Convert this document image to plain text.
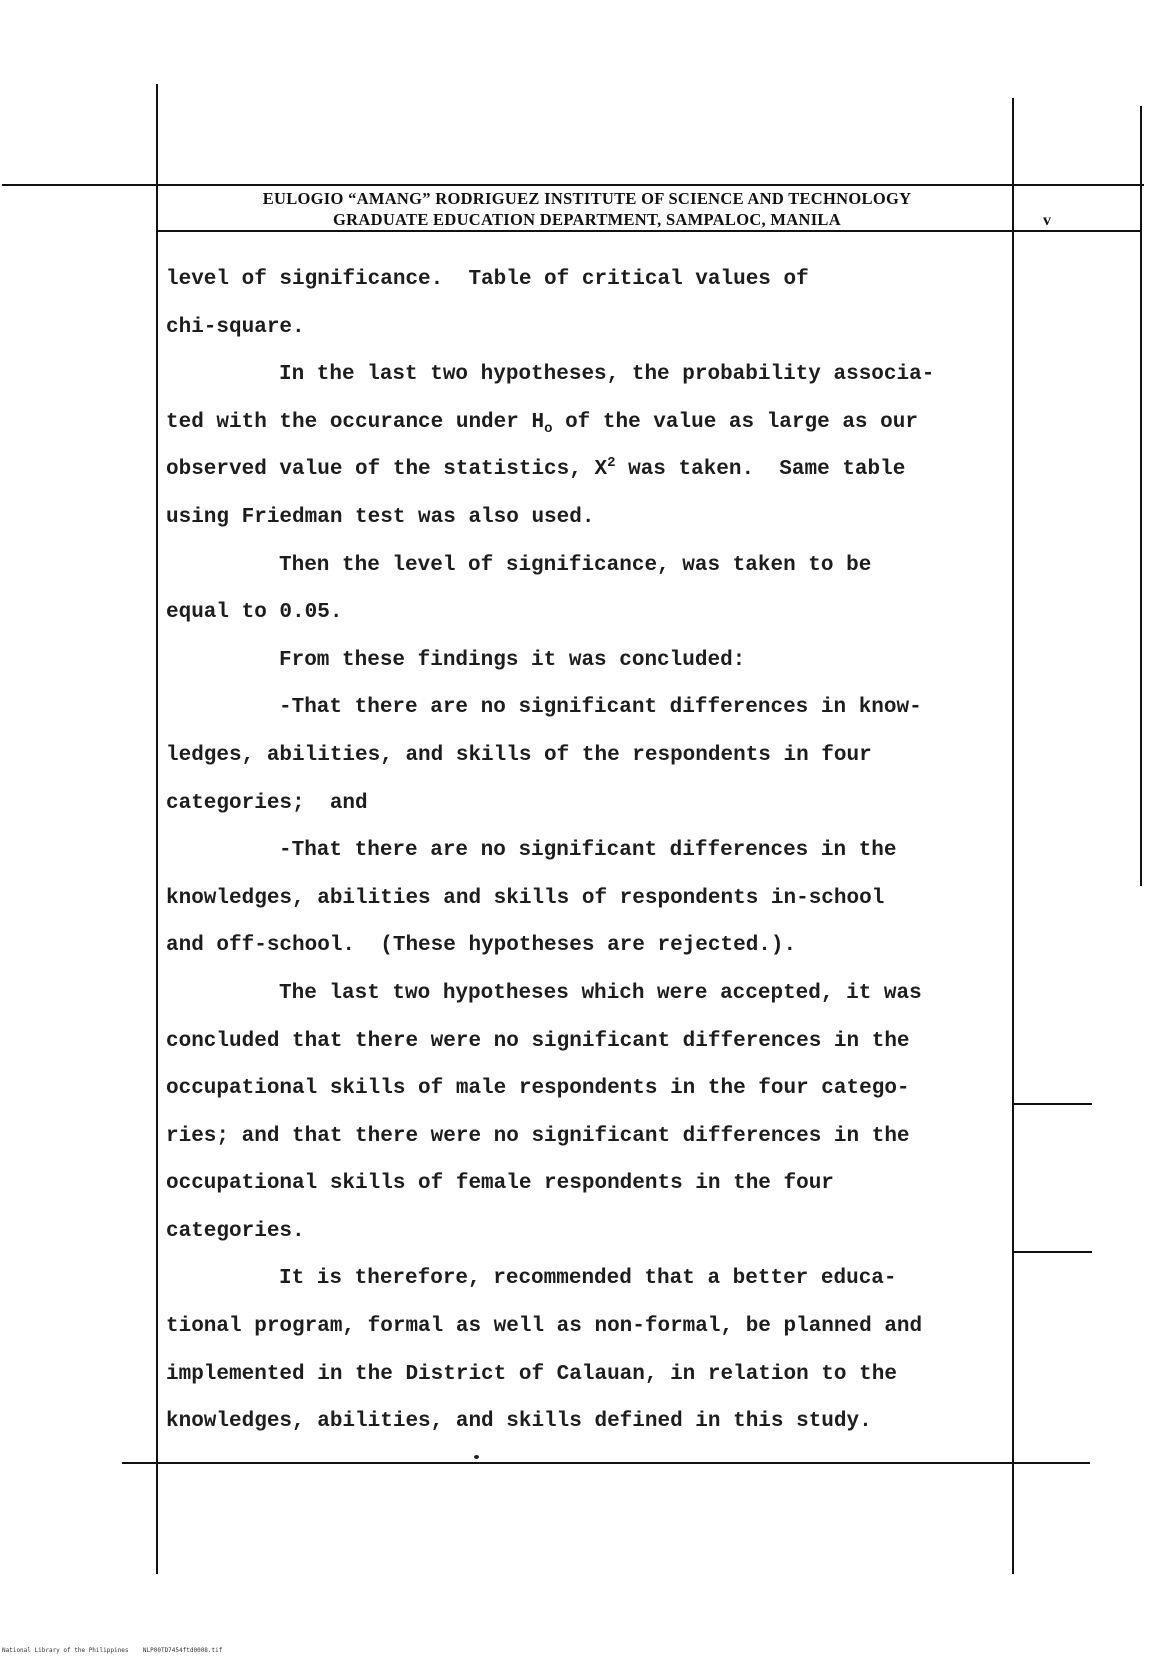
EULOGIO “AMANG” RODRIGUEZ INSTITUTE OF SCIENCE AND TECHNOLOGY
GRADUATE EDUCATION DEPARTMENT, SAMPALOC, MANILA	v
level of significance.  Table of critical values of
chi-square.
In the last two hypotheses, the probability associa-
ted with the occurance under $H_o$ of the value as large as our
observed value of the statistics, $X^2$ was taken.  Same table
using Friedman test was also used.
Then the level of significance, was taken to be
equal to 0.05.
From these findings it was concluded:
-That there are no significant differences in know-
ledges, abilities, and skills of the respondents in four
categories;  and
-That there are no significant differences in the
knowledges, abilities and skills of respondents in-school
and off-school.  (These hypotheses are rejected.).
The last two hypotheses which were accepted, it was
concluded that there were no significant differences in the
occupational skills of male respondents in the four catego-
ries; and that there were no significant differences in the
occupational skills of female respondents in the four
categories.
It is therefore, recommended that a better educa-
tional program, formal as well as non-formal, be planned and
implemented in the District of Calauan, in relation to the
knowledges, abilities, and skills defined in this study.
National Library of the Philippines NLP00TD7454ftd0008.tif
